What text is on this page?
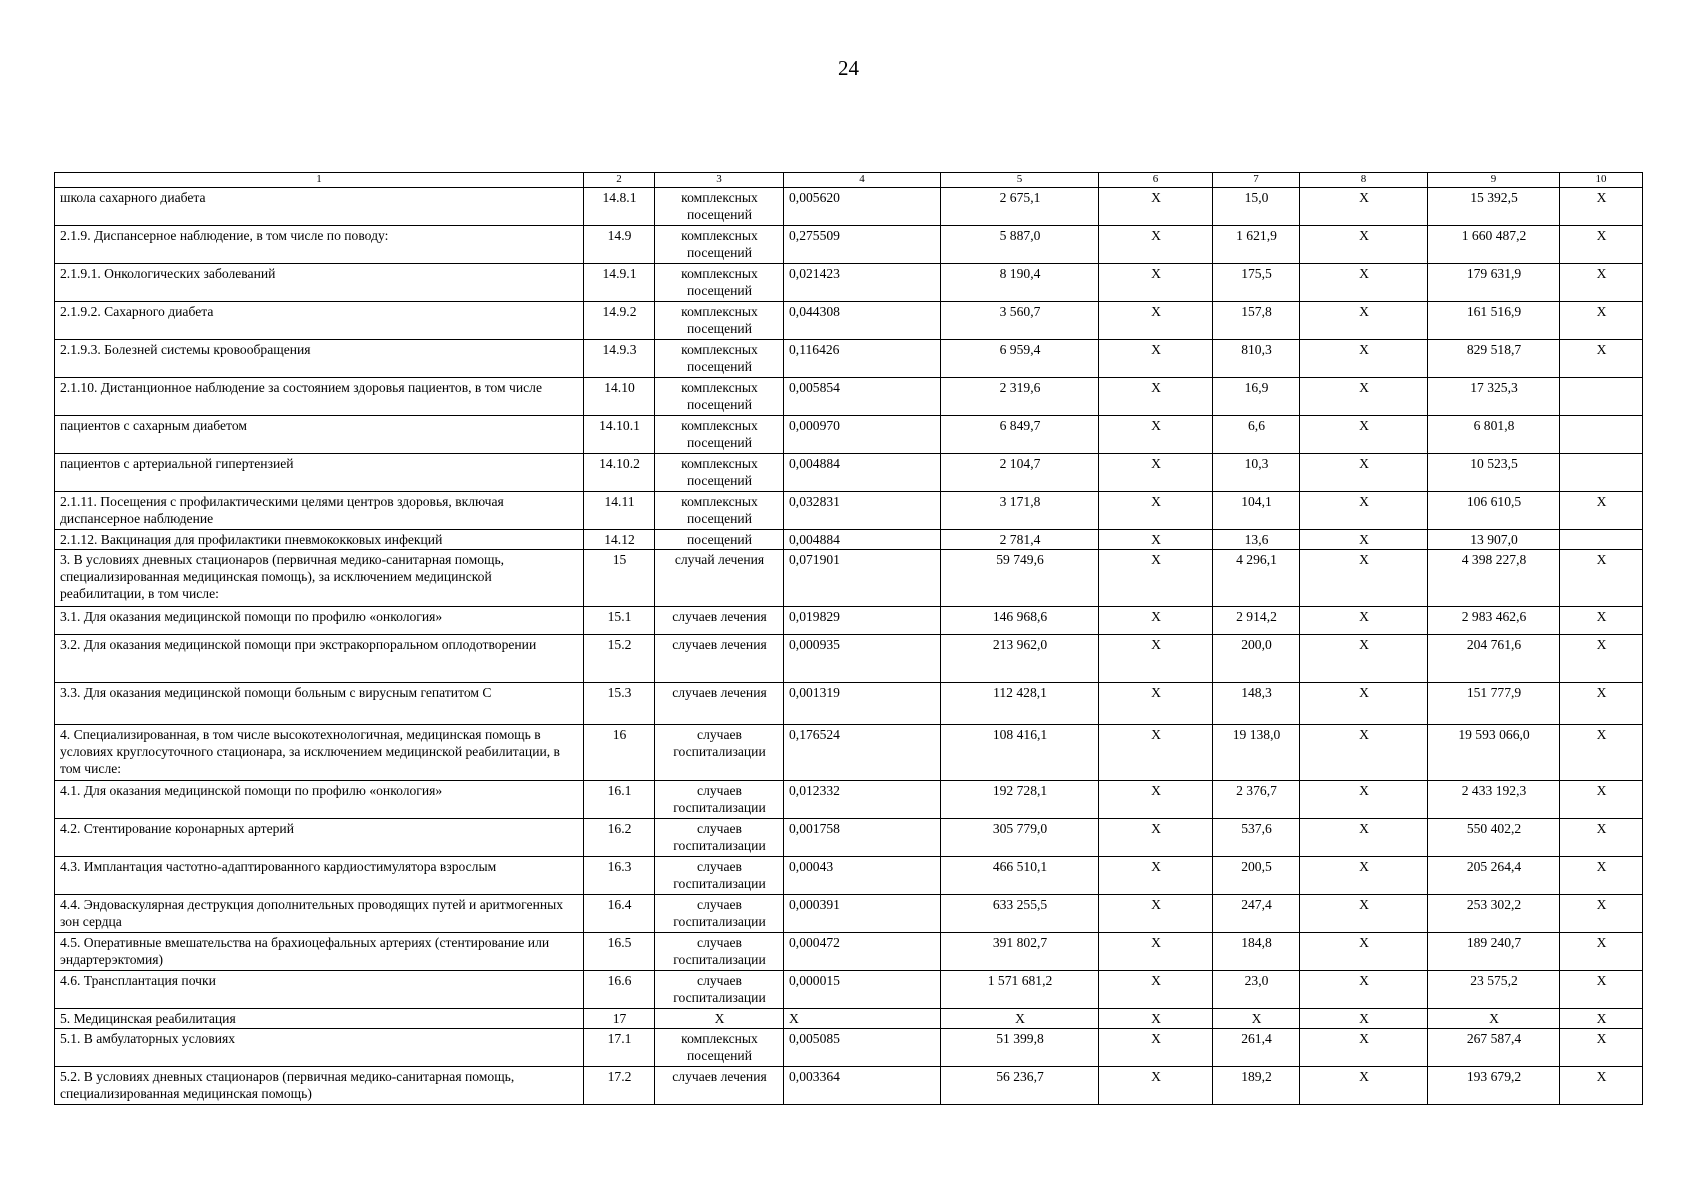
24
1	2	3	4	5	6	7	8	9	10
школа сахарного диабета	14.8.1	комплексных посещений	0,005620	2 675,1	X	15,0	X	15 392,5	X
2.1.9. Диспансерное наблюдение, в том числе по поводу:	14.9	комплексных посещений	0,275509	5 887,0	X	1 621,9	X	1 660 487,2	X
2.1.9.1. Онкологических заболеваний	14.9.1	комплексных посещений	0,021423	8 190,4	X	175,5	X	179 631,9	X
2.1.9.2. Сахарного диабета	14.9.2	комплексных посещений	0,044308	3 560,7	X	157,8	X	161 516,9	X
2.1.9.3. Болезней системы кровообращения	14.9.3	комплексных посещений	0,116426	6 959,4	X	810,3	X	829 518,7	X
2.1.10. Дистанционное наблюдение за состоянием здоровья пациентов, в том числе	14.10	комплексных посещений	0,005854	2 319,6	X	16,9	X	17 325,3	
пациентов с сахарным диабетом	14.10.1	комплексных посещений	0,000970	6 849,7	X	6,6	X	6 801,8	
пациентов с артериальной гипертензией	14.10.2	комплексных посещений	0,004884	2 104,7	X	10,3	X	10 523,5	
2.1.11. Посещения с профилактическими целями центров здоровья, включая диспансерное наблюдение	14.11	комплексных посещений	0,032831	3 171,8	X	104,1	X	106 610,5	X
2.1.12. Вакцинация для профилактики пневмококковых инфекций	14.12	посещений	0,004884	2 781,4	X	13,6	X	13 907,0	
3. В условиях дневных стационаров (первичная медико-санитарная помощь, специализированная медицинская помощь), за исключением медицинской реабилитации, в том числе:	15	случай лечения	0,071901	59 749,6	X	4 296,1	X	4 398 227,8	X
3.1. Для оказания медицинской помощи по профилю «онкология»	15.1	случаев лечения	0,019829	146 968,6	X	2 914,2	X	2 983 462,6	X
3.2. Для оказания медицинской помощи при экстракорпоральном оплодотворении	15.2	случаев лечения	0,000935	213 962,0	X	200,0	X	204 761,6	X
3.3. Для оказания медицинской помощи больным с вирусным гепатитом С	15.3	случаев лечения	0,001319	112 428,1	X	148,3	X	151 777,9	X
4. Специализированная, в том числе высокотехнологичная, медицинская помощь в условиях круглосуточного стационара, за исключением медицинской реабилитации, в том числе:	16	случаев госпитализации	0,176524	108 416,1	X	19 138,0	X	19 593 066,0	X
4.1. Для оказания медицинской помощи по профилю «онкология»	16.1	случаев госпитализации	0,012332	192 728,1	X	2 376,7	X	2 433 192,3	X
4.2. Стентирование коронарных артерий	16.2	случаев госпитализации	0,001758	305 779,0	X	537,6	X	550 402,2	X
4.3. Имплантация частотно-адаптированного кардиостимулятора взрослым	16.3	случаев госпитализации	0,00043	466 510,1	X	200,5	X	205 264,4	X
4.4. Эндоваскулярная деструкция дополнительных проводящих путей и аритмогенных зон сердца	16.4	случаев госпитализации	0,000391	633 255,5	X	247,4	X	253 302,2	X
4.5. Оперативные вмешательства на брахиоцефальных артериях (стентирование или эндартерэктомия)	16.5	случаев госпитализации	0,000472	391 802,7	X	184,8	X	189 240,7	X
4.6. Трансплантация почки	16.6	случаев госпитализации	0,000015	1 571 681,2	X	23,0	X	23 575,2	X
5. Медицинская реабилитация	17	X	X	X	X	X	X	X	X
5.1. В амбулаторных условиях	17.1	комплексных посещений	0,005085	51 399,8	X	261,4	X	267 587,4	X
5.2. В условиях дневных стационаров (первичная медико-санитарная помощь, специализированная медицинская помощь)	17.2	случаев лечения	0,003364	56 236,7	X	189,2	X	193 679,2	X
